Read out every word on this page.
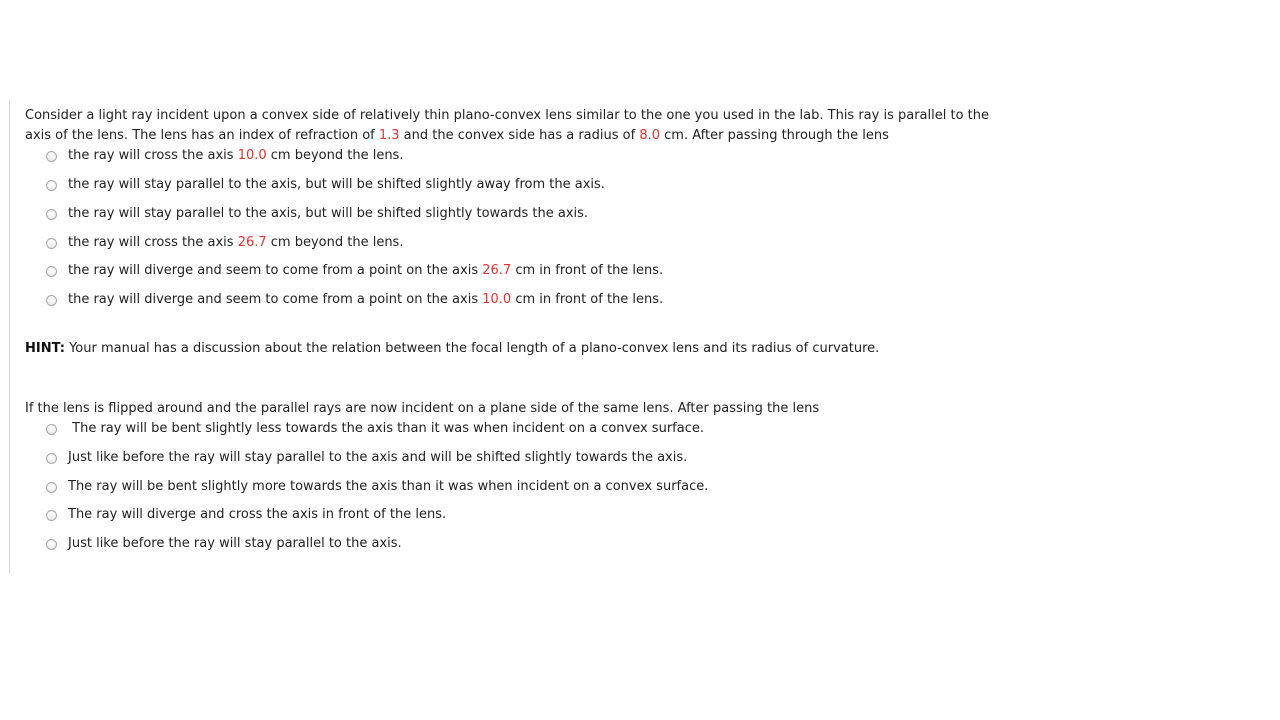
Consider a light ray incident upon a convex side of relatively thin plano-convex lens similar to the one you used in the lab. This ray is parallel to the
axis of the lens. The lens has an index of refraction of 1.3 and the convex side has a radius of 8.0 cm. After passing through the lens
the ray will cross the axis 10.0 cm beyond the lens.
the ray will stay parallel to the axis, but will be shifted slightly away from the axis.
the ray will stay parallel to the axis, but will be shifted slightly towards the axis.
the ray will cross the axis 26.7 cm beyond the lens.
the ray will diverge and seem to come from a point on the axis 26.7 cm in front of the lens.
the ray will diverge and seem to come from a point on the axis 10.0 cm in front of the lens.
HINT: Your manual has a discussion about the relation between the focal length of a plano-convex lens and its radius of curvature.
If the lens is flipped around and the parallel rays are now incident on a plane side of the same lens. After passing the lens
The ray will be bent slightly less towards the axis than it was when incident on a convex surface.
Just like before the ray will stay parallel to the axis and will be shifted slightly towards the axis.
The ray will be bent slightly more towards the axis than it was when incident on a convex surface.
The ray will diverge and cross the axis in front of the lens.
Just like before the ray will stay parallel to the axis.
